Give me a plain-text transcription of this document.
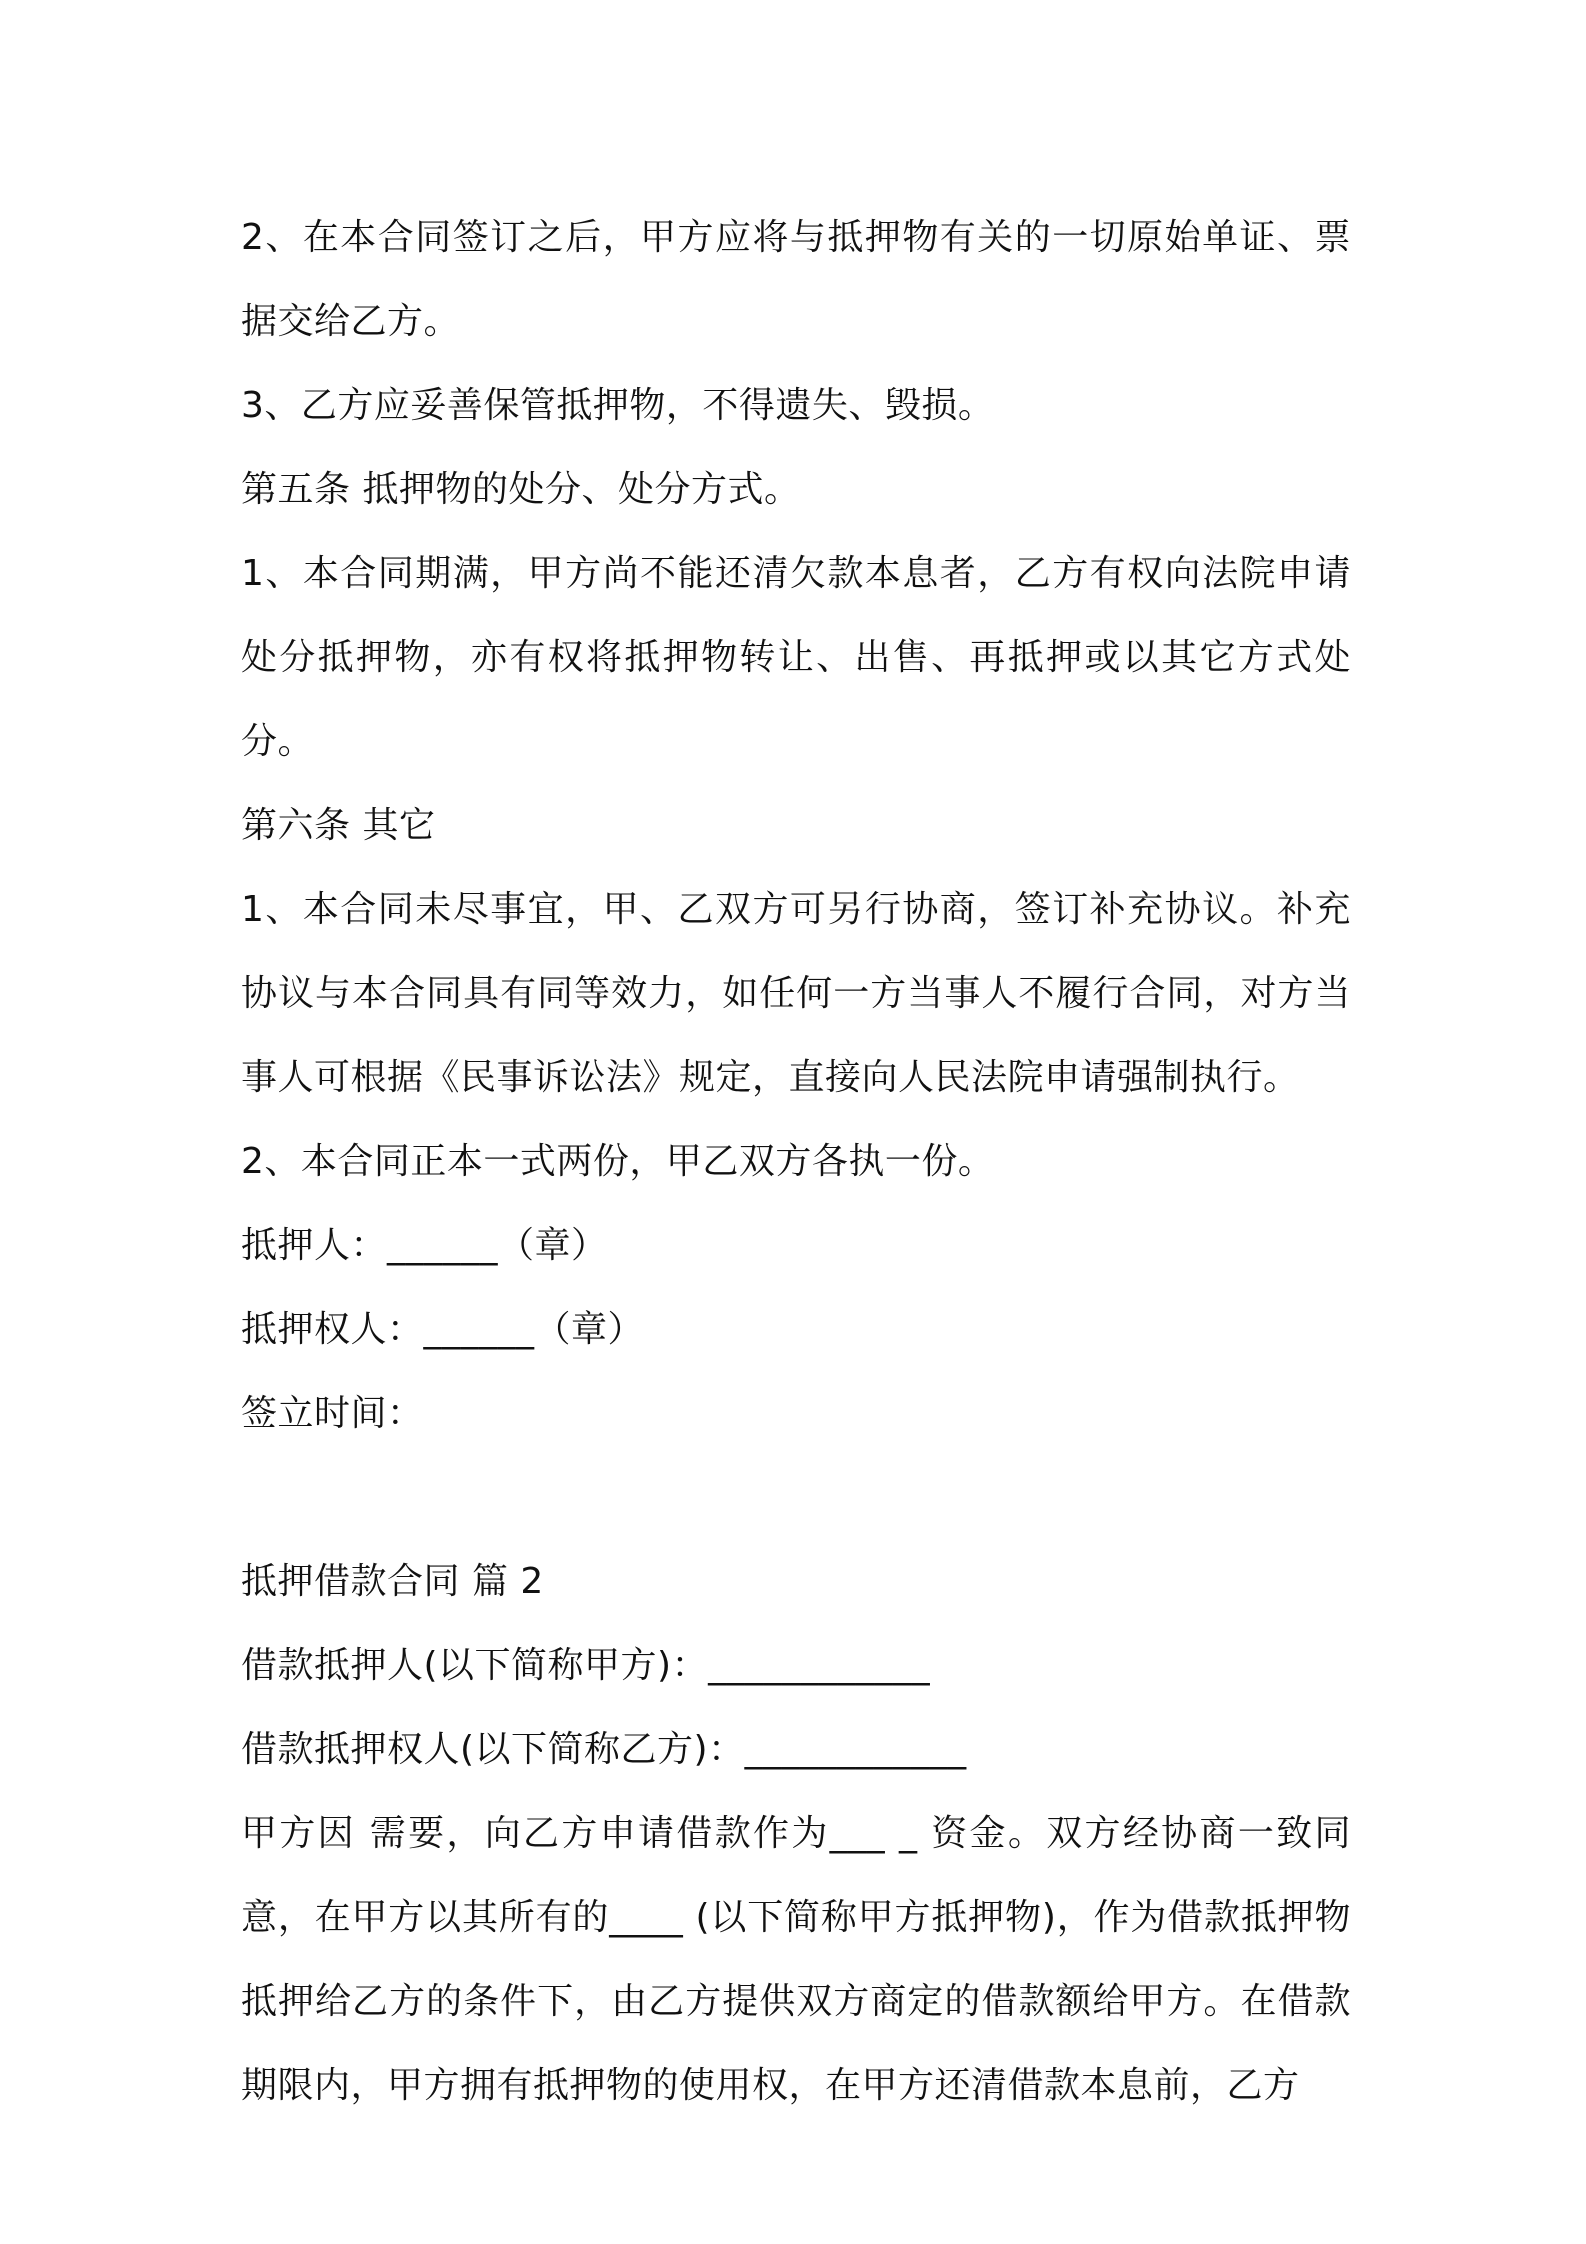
2、在本合同签订之后，甲方应将与抵押物有关的一切原始单证、票据交给乙方。

3、乙方应妥善保管抵押物，不得遗失、毁损。

第五条 抵押物的处分、处分方式。

1、本合同期满，甲方尚不能还清欠款本息者，乙方有权向法院申请处分抵押物，亦有权将抵押物转让、出售、再抵押或以其它方式处分。

第六条 其它

1、本合同未尽事宜，甲、乙双方可另行协商，签订补充协议。补充协议与本合同具有同等效力，如任何一方当事人不履行合同，对方当事人可根据《民事诉讼法》规定，直接向人民法院申请强制执行。

2、本合同正本一式两份，甲乙双方各执一份。

抵押人：______（章）

抵押权人：______（章）

签立时间：

抵押借款合同 篇 2

借款抵押人(以下简称甲方)：____________

借款抵押权人(以下简称乙方)：____________

甲方因 需要，向乙方申请借款作为___ _ 资金。双方经协商一致同意，在甲方以其所有的____ (以下简称甲方抵押物)，作为借款抵押物抵押给乙方的条件下，由乙方提供双方商定的借款额给甲方。在借款期限内，甲方拥有抵押物的使用权，在甲方还清借款本息前，乙方
